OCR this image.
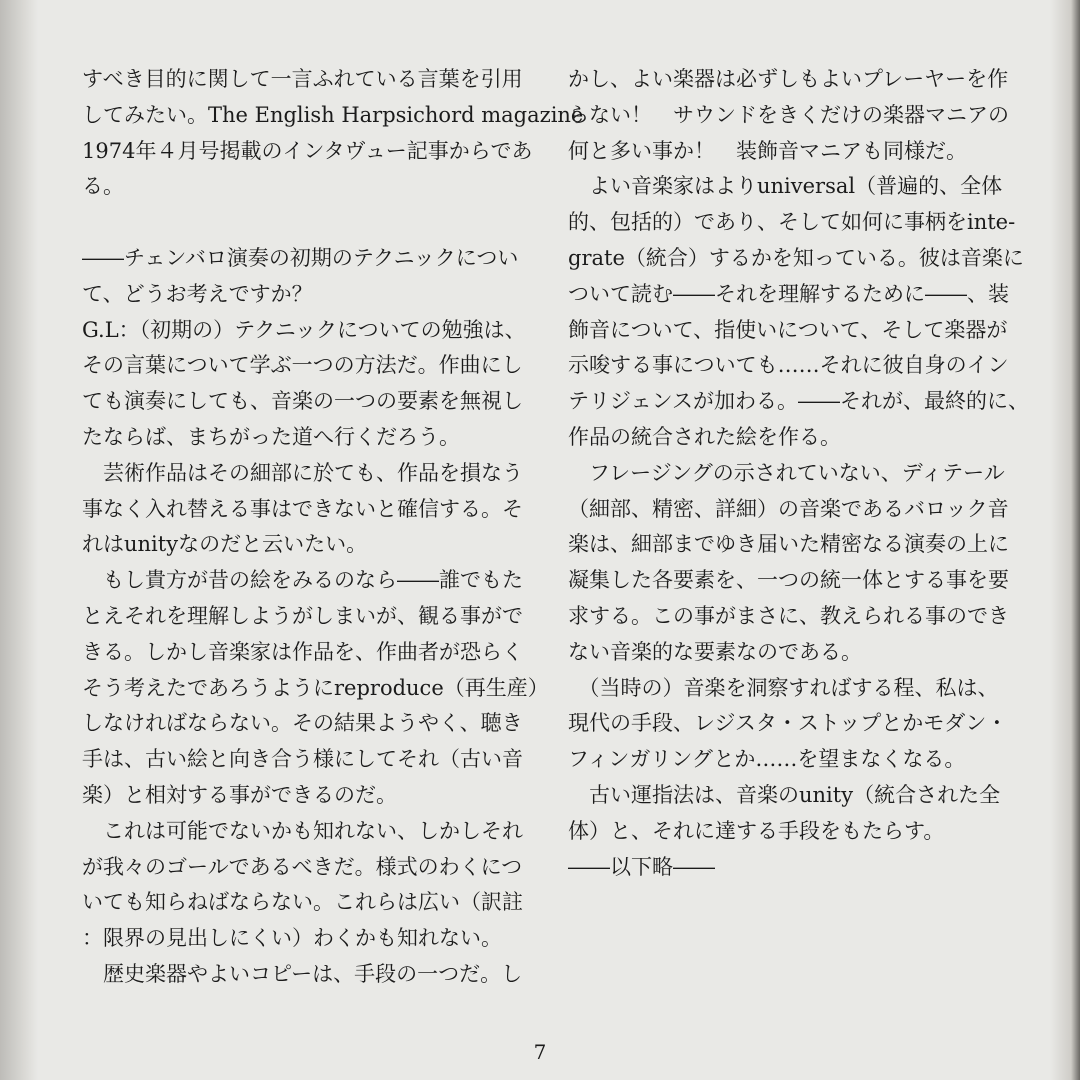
すべき目的に関して一言ふれている言葉を引用
してみたい。The English Harpsichord magazine
1974年４月号掲載のインタヴュー記事からであ
る。
――チェンバロ演奏の初期のテクニックについ
て、どうお考えですか？
G.L：（初期の）テクニックについての勉強は、
その言葉について学ぶ一つの方法だ。作曲にし
ても演奏にしても、音楽の一つの要素を無視し
たならば、まちがった道へ行くだろう。
　芸術作品はその細部に於ても、作品を損なう
事なく入れ替える事はできないと確信する。そ
れはunityなのだと云いたい。
　もし貴方が昔の絵をみるのなら――誰でもた
とえそれを理解しようがしまいが、観る事がで
きる。しかし音楽家は作品を、作曲者が恐らく
そう考えたであろうようにreproduce（再生産）
しなければならない。その結果ようやく、聴き
手は、古い絵と向き合う様にしてそれ（古い音
楽）と相対する事ができるのだ。
　これは可能でないかも知れない、しかしそれ
が我々のゴールであるべきだ。様式のわくにつ
いても知らねばならない。これらは広い（訳註
：限界の見出しにくい）わくかも知れない。
　歴史楽器やよいコピーは、手段の一つだ。し
かし、よい楽器は必ずしもよいプレーヤーを作
らない！　サウンドをきくだけの楽器マニアの
何と多い事か！　装飾音マニアも同様だ。
　よい音楽家はよりuniversal（普遍的、全体
的、包括的）であり、そして如何に事柄をinte-
grate（統合）するかを知っている。彼は音楽に
ついて読む――それを理解するために――、装
飾音について、指使いについて、そして楽器が
示唆する事についても……それに彼自身のイン
テリジェンスが加わる。――それが、最終的に、
作品の統合された絵を作る。
　フレージングの示されていない、ディテール
（細部、精密、詳細）の音楽であるバロック音
楽は、細部までゆき届いた精密なる演奏の上に
凝集した各要素を、一つの統一体とする事を要
求する。この事がまさに、教えられる事のでき
ない音楽的な要素なのである。
　（当時の）音楽を洞察すればする程、私は、
現代の手段、レジスタ・ストップとかモダン・
フィンガリングとか……を望まなくなる。
　古い運指法は、音楽のunity（統合された全
体）と、それに達する手段をもたらす。
――以下略――
7
